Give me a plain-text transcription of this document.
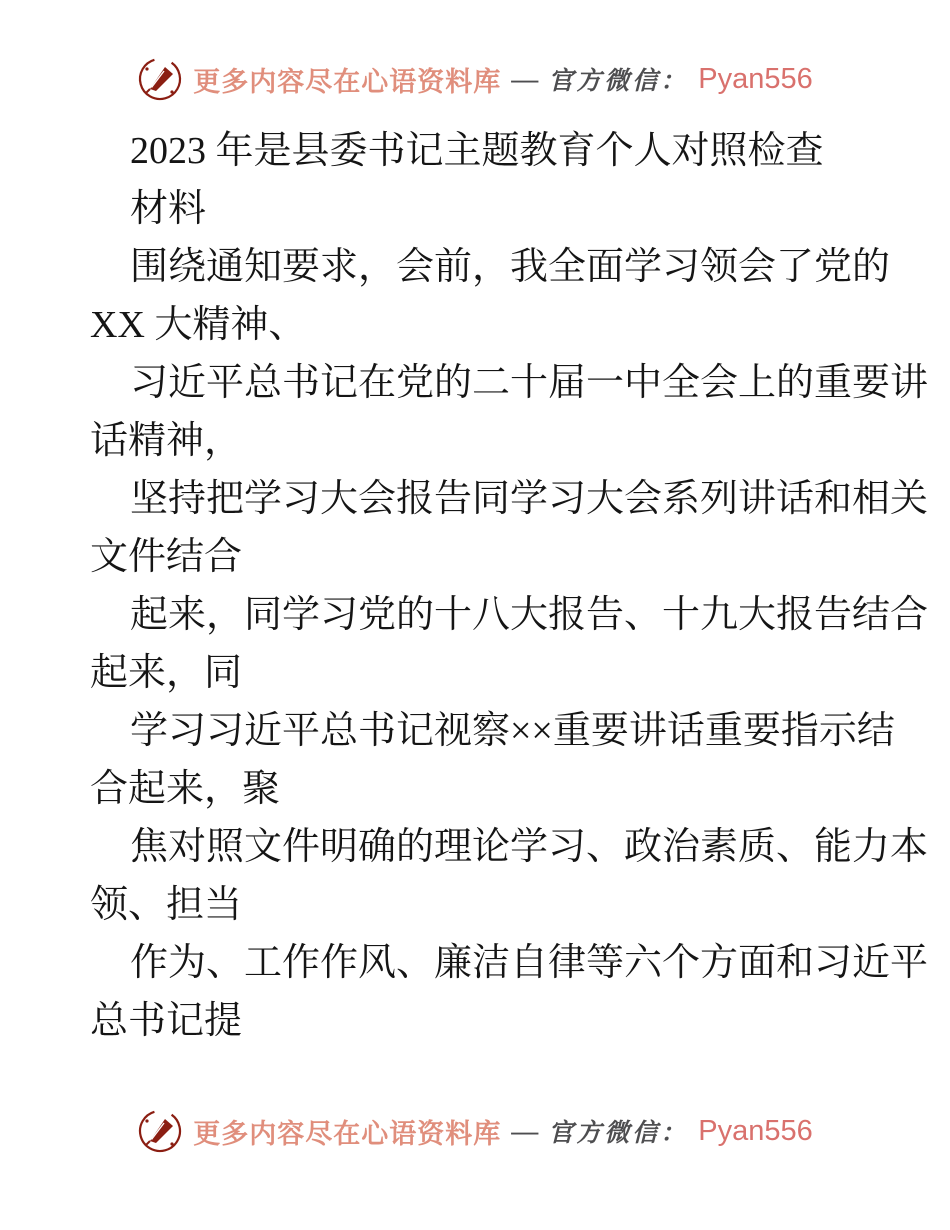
更多内容尽在心语资料库 — 官方微信： Pyan556
2023 年是县委书记主题教育个人对照检查
材料
围绕通知要求，会前，我全面学习领会了党的
XX 大精神、
习近平总书记在党的二十届一中全会上的重要讲
话精神，
坚持把学习大会报告同学习大会系列讲话和相关
文件结合
起来，同学习党的十八大报告、十九大报告结合
起来，同
学习习近平总书记视察××重要讲话重要指示结
合起来，聚
焦对照文件明确的理论学习、政治素质、能力本
领、担当
作为、工作作风、廉洁自律等六个方面和习近平
总书记提
更多内容尽在心语资料库 — 官方微信： Pyan556
